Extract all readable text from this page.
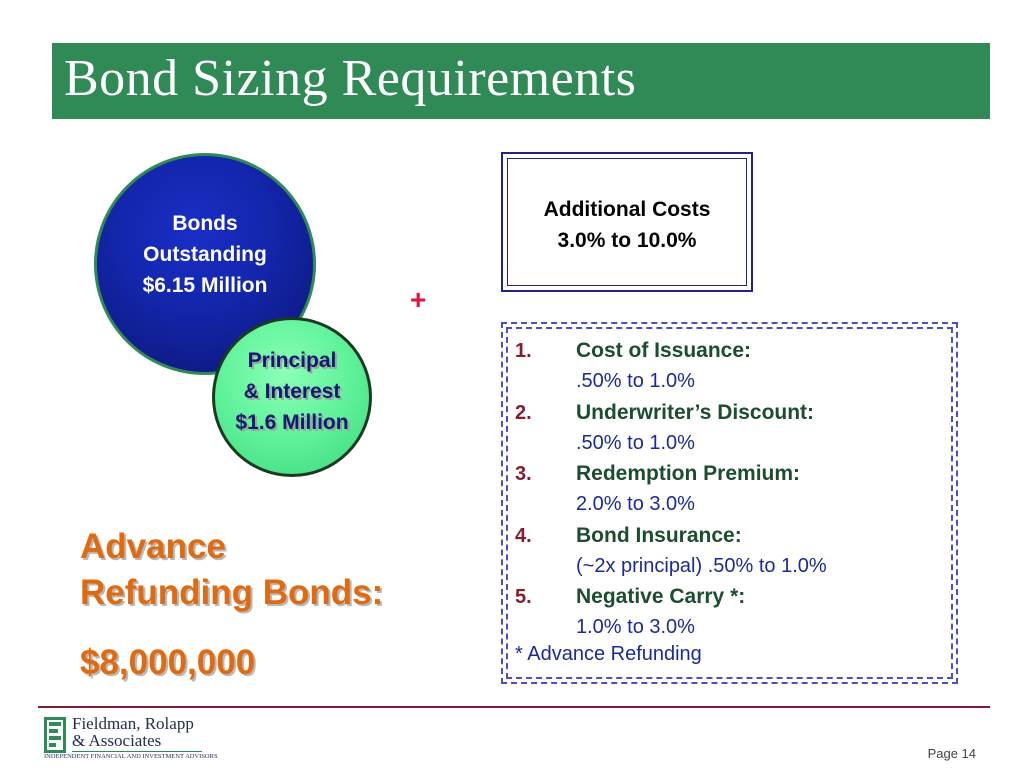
Bond Sizing Requirements
Bonds
Outstanding
$6.15 Million
Principal
& Interest
$1.6 Million
+
Additional Costs
3.0% to 10.0%
1. Cost of Issuance:
.50% to 1.0%
2. Underwriter’s Discount:
.50% to 1.0%
3. Redemption Premium:
2.0% to 3.0%
4. Bond Insurance:
(~2x principal) .50% to 1.0%
5. Negative Carry *:
1.0% to 3.0%
* Advance Refunding
Advance
Refunding Bonds:
$8,000,000
Fieldman, Rolapp
& Associates
INDEPENDENT FINANCIAL AND INVESTMENT ADVISORS	Page 14
